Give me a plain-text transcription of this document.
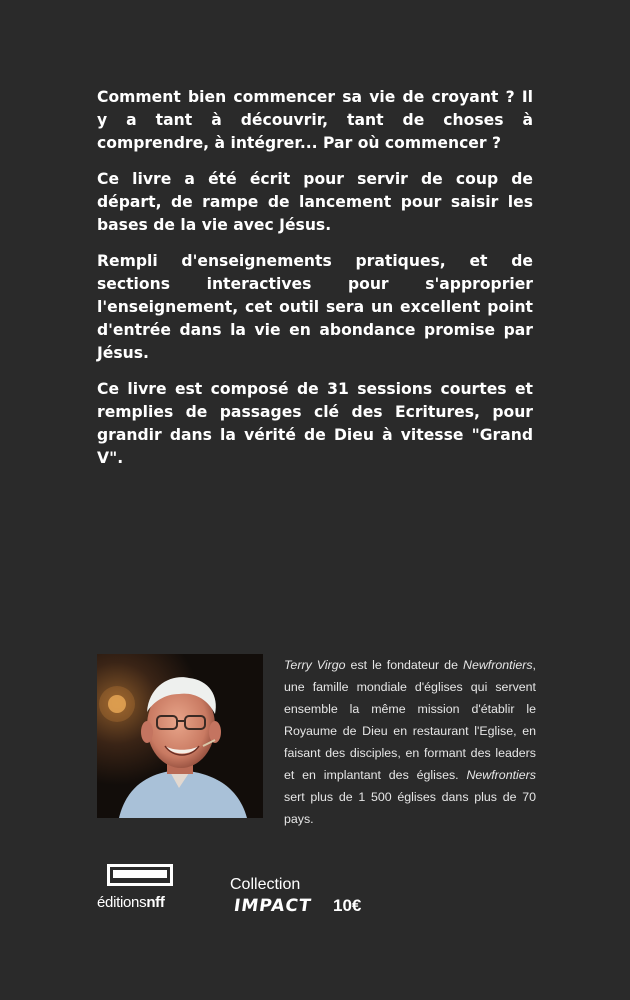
Comment bien commencer sa vie de croyant ? Il y a tant à découvrir, tant de choses à comprendre, à intégrer... Par où commencer ?

Ce livre a été écrit pour servir de coup de départ, de rampe de lancement pour saisir les bases de la vie avec Jésus.

Rempli d'enseignements pratiques, et de sections interactives pour s'approprier l'enseignement, cet outil sera un excellent point d'entrée dans la vie en abondance promise par Jésus.

Ce livre est composé de 31 sessions courtes et remplies de passages clé des Ecritures, pour grandir dans la vérité de Dieu à vitesse "Grand V".

Terry Virgo est le fondateur de Newfrontiers, une famille mondiale d'églises qui servent ensemble la même mission d'établir le Royaume de Dieu en restaurant l'Eglise, en faisant des disciples, en formant des leaders et en implantant des églises. Newfrontiers sert plus de 1 500 églises dans plus de 70 pays.
éditionsnff
Collection
IMPACT 10€
